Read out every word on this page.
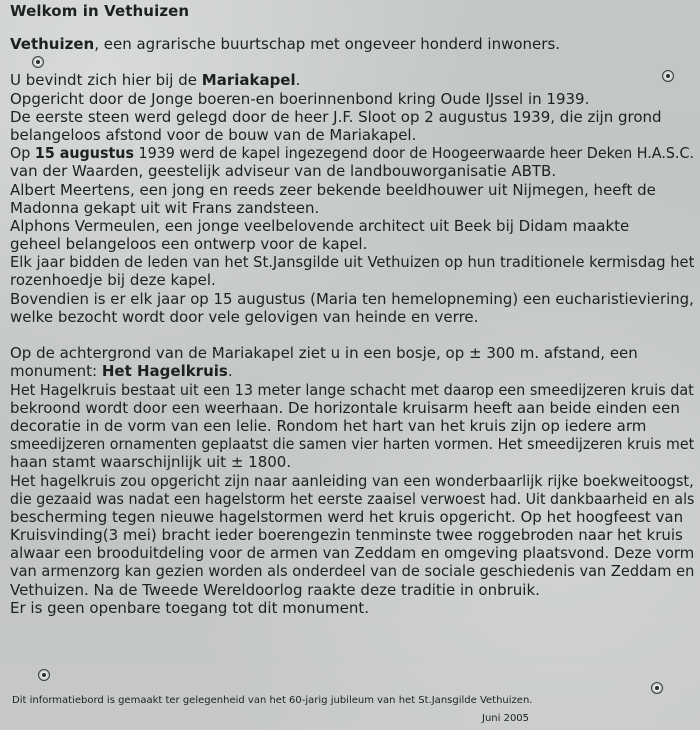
Welkom in Vethuizen
Vethuizen, een agrarische buurtschap met ongeveer honderd inwoners.
U bevindt zich hier bij de Mariakapel.
Opgericht door de Jonge boeren-en boerinnenbond kring Oude IJssel in 1939.
De eerste steen werd gelegd door de heer J.F. Sloot op 2 augustus 1939, die zijn grond
belangeloos afstond voor de bouw van de Mariakapel.
Op 15 augustus 1939 werd de kapel ingezegend door de Hoogeerwaarde heer Deken H.A.S.C.
van der Waarden, geestelijk adviseur van de landbouworganisatie ABTB.
Albert Meertens, een jong en reeds zeer bekende beeldhouwer uit Nijmegen, heeft de
Madonna gekapt uit wit Frans zandsteen.
Alphons Vermeulen, een jonge veelbelovende architect uit Beek bij Didam maakte
geheel belangeloos een ontwerp voor de kapel.
Elk jaar bidden de leden van het St.Jansgilde uit Vethuizen op hun traditionele kermisdag het
rozenhoedje bij deze kapel.
Bovendien is er elk jaar op 15 augustus (Maria ten hemelopneming) een eucharistieviering,
welke bezocht wordt door vele gelovigen van heinde en verre.
Op de achtergrond van de Mariakapel ziet u in een bosje, op ± 300 m. afstand, een
monument: Het Hagelkruis.
Het Hagelkruis bestaat uit een 13 meter lange schacht met daarop een smeedijzeren kruis dat
bekroond wordt door een weerhaan. De horizontale kruisarm heeft aan beide einden een
decoratie in de vorm van een lelie. Rondom het hart van het kruis zijn op iedere arm
smeedijzeren ornamenten geplaatst die samen vier harten vormen. Het smeedijzeren kruis met
haan stamt waarschijnlijk uit ± 1800.
Het hagelkruis zou opgericht zijn naar aanleiding van een wonderbaarlijk rijke boekweitoogst,
die gezaaid was nadat een hagelstorm het eerste zaaisel verwoest had. Uit dankbaarheid en als
bescherming tegen nieuwe hagelstormen werd het kruis opgericht. Op het hoogfeest van
Kruisvinding(3 mei) bracht ieder boerengezin tenminste twee roggebroden naar het kruis
alwaar een brooduitdeling voor de armen van Zeddam en omgeving plaatsvond. Deze vorm
van armenzorg kan gezien worden als onderdeel van de sociale geschiedenis van Zeddam en
Vethuizen. Na de Tweede Wereldoorlog raakte deze traditie in onbruik.
Er is geen openbare toegang tot dit monument.
Dit informatiebord is gemaakt ter gelegenheid van het 60-jarig jubileum van het St.Jansgilde Vethuizen.
Juni 2005
